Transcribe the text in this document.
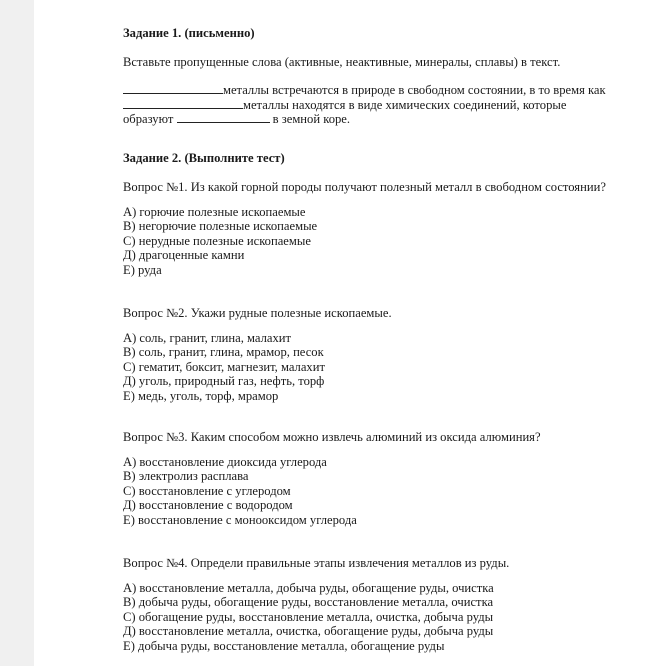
Задание 1. (письменно)
Вставьте пропущенные слова (активные, неактивные, минералы, сплавы) в текст.
металлы встречаются в природе в свободном состоянии, в то время как
металлы находятся в виде химических соединений, которые
образуют	в земной коре.
Задание 2. (Выполните тест)
Вопрос №1. Из какой горной породы получают полезный металл в свободном состоянии?
А) горючие полезные ископаемые
В) негорючие полезные ископаемые
С) нерудные полезные ископаемые
Д) драгоценные камни
Е) руда
Вопрос №2. Укажи рудные полезные ископаемые.
А) соль, гранит, глина, малахит
В) соль, гранит, глина, мрамор, песок
С) гематит, боксит, магнезит, малахит
Д) уголь, природный газ, нефть, торф
Е) медь, уголь, торф, мрамор
Вопрос №3. Каким способом можно извлечь алюминий из оксида алюминия?
А) восстановление диоксида углерода
В) электролиз расплава
С) восстановление с углеродом
Д) восстановление с водородом
Е) восстановление с монооксидом углерода
Вопрос №4. Определи правильные этапы извлечения металлов из руды.
А) восстановление металла, добыча руды, обогащение руды, очистка
В) добыча руды, обогащение руды, восстановление металла, очистка
С) обогащение руды, восстановление металла, очистка, добыча руды
Д) восстановление металла, очистка, обогащение руды, добыча руды
Е) добыча руды, восстановление металла, обогащение руды
